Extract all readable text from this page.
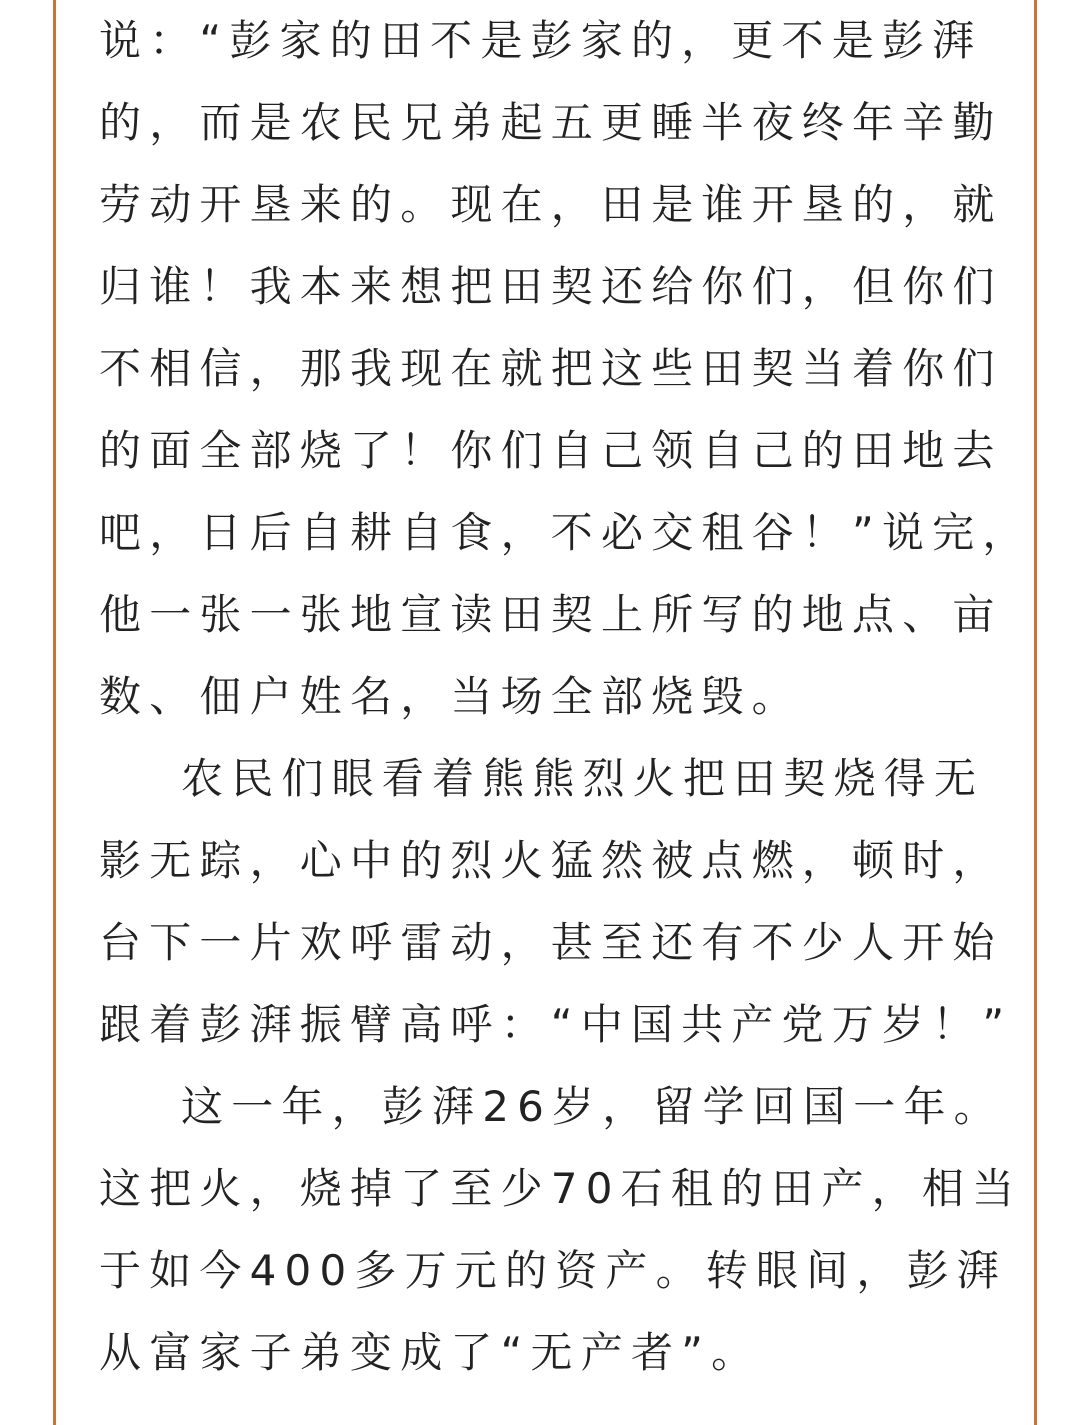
说：“彭家的田不是彭家的，更不是彭湃
的，而是农民兄弟起五更睡半夜终年辛勤
劳动开垦来的。现在，田是谁开垦的，就
归谁！我本来想把田契还给你们，但你们
不相信，那我现在就把这些田契当着你们
的面全部烧了！你们自己领自己的田地去
吧，日后自耕自食，不必交租谷！”说完，
他一张一张地宣读田契上所写的地点、亩
数、佃户姓名，当场全部烧毁。
农民们眼看着熊熊烈火把田契烧得无
影无踪，心中的烈火猛然被点燃，顿时，
台下一片欢呼雷动，甚至还有不少人开始
跟着彭湃振臂高呼：“中国共产党万岁！”
这一年，彭湃26岁，留学回国一年。
这把火，烧掉了至少70石租的田产，相当
于如今400多万元的资产。转眼间，彭湃
从富家子弟变成了“无产者”。
